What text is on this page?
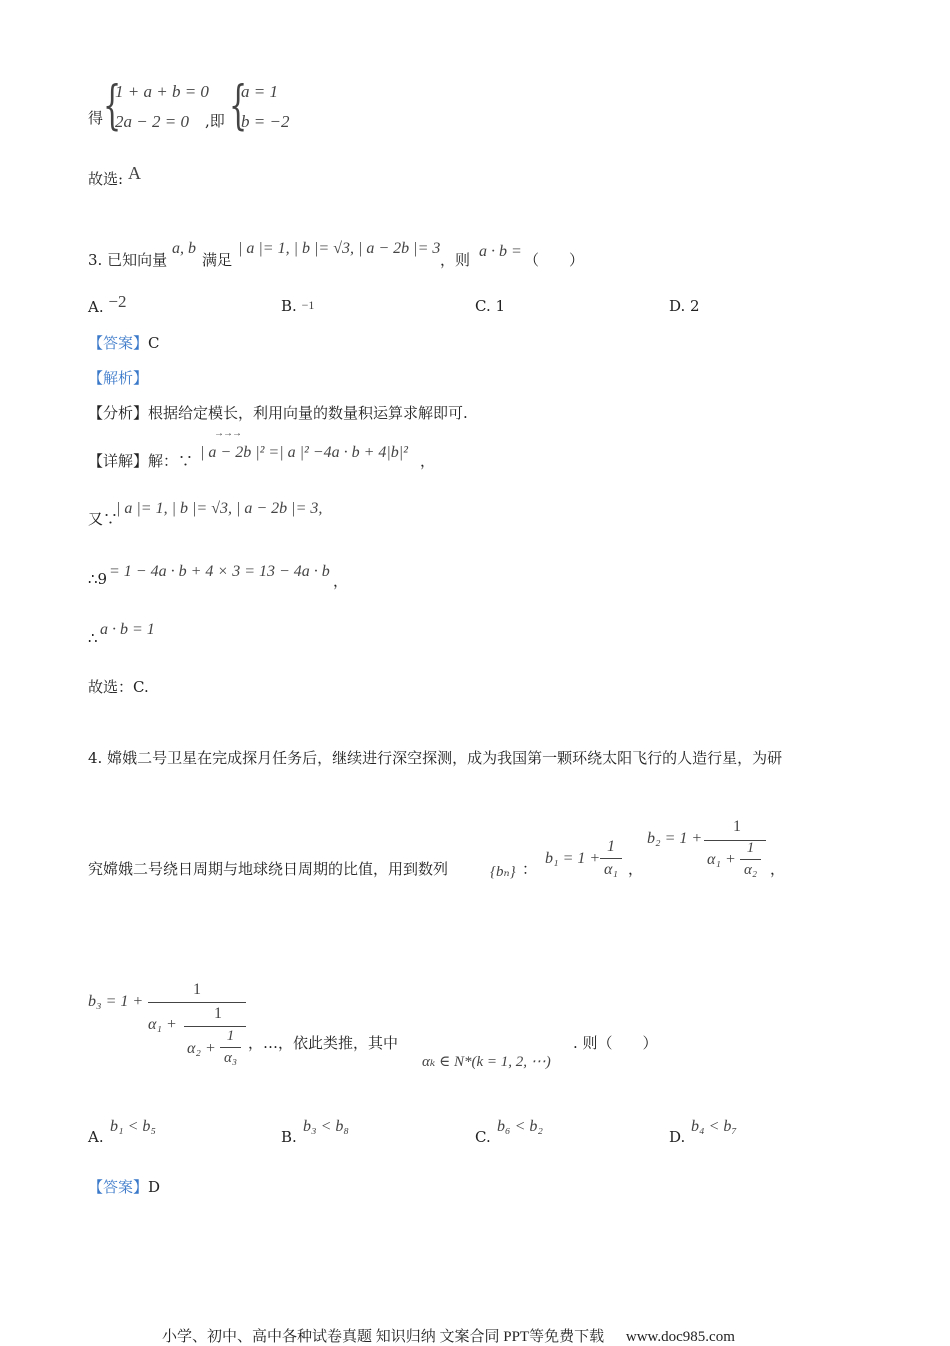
得 {
1 + a + b = 0
2a − 2 = 0 ,即 {
a = 1
b = −2
故选: A
3. 已知向量
a, b
满足
| a |= 1, | b |= √3, | a − 2b |= 3
，则 a · b = （　　）
A. −2	B. −1	C. 1	D. 2
【答案】C
【解析】
【分析】根据给定模长，利用向量的数量积运算求解即可.
【详解】解：∵
→→→
| a − 2b |² =| a |² −4a · b + 4|b|² ，
又∵
| a |= 1, | b |= √3, | a − 2b |= 3,
∴9 = 1 − 4a · b + 4 × 3 = 13 − 4a · b
，
∴ a · b = 1
故选：C.
4. 嫦娥二号卫星在完成探月任务后，继续进行深空探测，成为我国第一颗环绕太阳飞行的人造行星，为研
究嫦娥二号绕日周期与地球绕日周期的比值，用到数列	{bₙ} ：
$b_1 = 1 + \frac{1}{\text{α₁}}$ ，
b₂ = 1 +
1
$\alpha_1 + \frac{1}{\text{α₂}}$ ，
b₃ = 1 +
1
α₁ +
1
$\alpha_2 + \frac{1}{\text{α₃}}$ ，…，依此类推，其中
αₖ ∈ N*(k = 1, 2, ⋯)
. 则（　　）
A.
b₁ < b₅
B.
b₃ < b₈
C.
b₆ < b₂
D.
b₄ < b₇
【答案】D
小学、初中、高中各种试卷真题 知识归纳 文案合同 PPT等免费下载 www.doc985.com
